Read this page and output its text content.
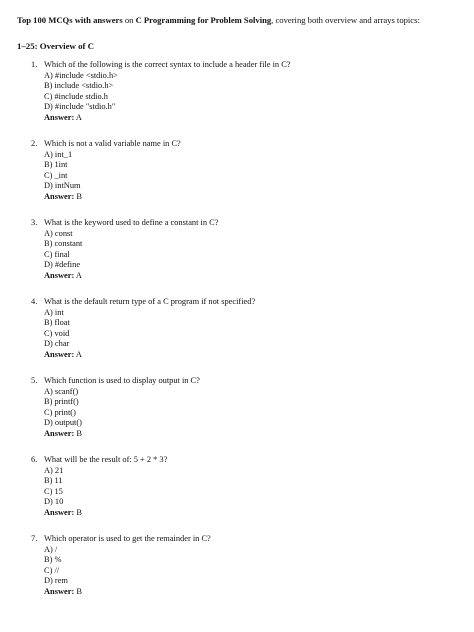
Top 100 MCQs with answers on C Programming for Problem Solving, covering both overview and arrays topics:

1–25: Overview of C
1. Which of the following is the correct syntax to include a header file in C?
A) #include <stdio.h>
B) include <stdio.h>
C) #include stdio.h
D) #include "stdio.h"
Answer: A
2. Which is not a valid variable name in C?
A) int_1
B) 1int
C) _int
D) intNum
Answer: B
3. What is the keyword used to define a constant in C?
A) const
B) constant
C) final
D) #define
Answer: A
4. What is the default return type of a C program if not specified?
A) int
B) float
C) void
D) char
Answer: A
5. Which function is used to display output in C?
A) scanf()
B) printf()
C) print()
D) output()
Answer: B
6. What will be the result of: 5 + 2 * 3?
A) 21
B) 11
C) 15
D) 10
Answer: B
7. Which operator is used to get the remainder in C?
A) /
B) %
C) //
D) rem
Answer: B
